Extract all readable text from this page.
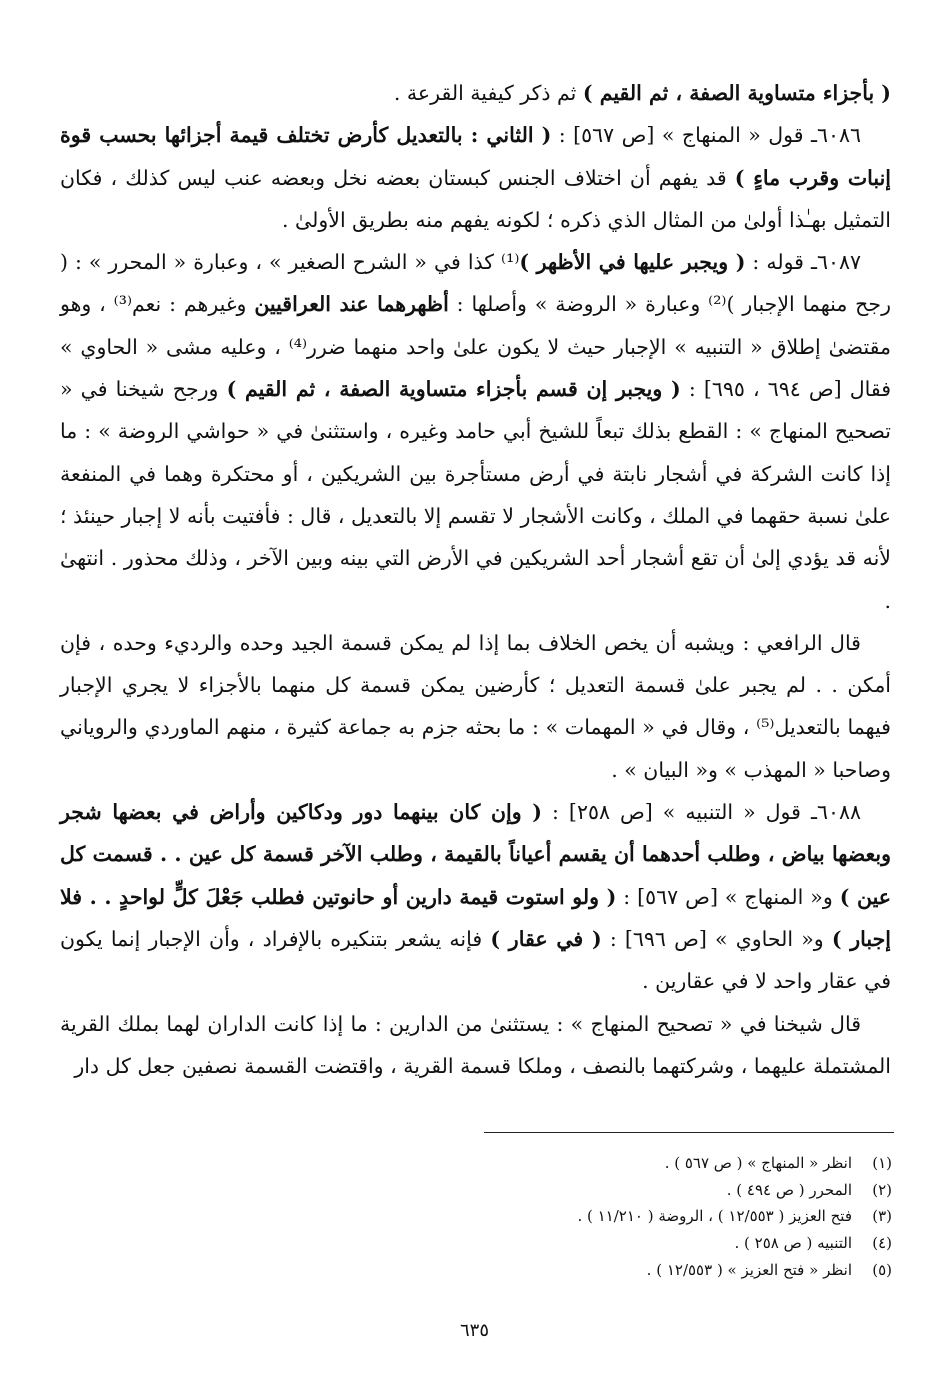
( بأجزاء متساوية الصفة ، ثم القيم ) ثم ذكر كيفية القرعة .

٦٠٨٦ـ قول « المنهاج » [ص ٥٦٧] : ( الثاني : بالتعديل كأرض تختلف قيمة أجزائها بحسب قوة إنبات وقرب ماءٍ ) قد يفهم أن اختلاف الجنس كبستان بعضه نخل وبعضه عنب ليس كذلك ، فكان التمثيل بهـٰذا أولىٰ من المثال الذي ذكره ؛ لكونه يفهم منه بطريق الأولىٰ .

٦٠٨٧ـ قوله : ( ويجبر عليها في الأظهر )⁽¹⁾ كذا في « الشرح الصغير » ، وعبارة « المحرر » : ( رجح منهما الإجبار )⁽²⁾ وعبارة « الروضة » وأصلها : أظهرهما عند العراقيين وغيرهم : نعم⁽³⁾ ، وهو مقتضىٰ إطلاق « التنبيه » الإجبار حيث لا يكون علىٰ واحد منهما ضرر⁽⁴⁾ ، وعليه مشى « الحاوي » فقال [ص ٦٩٤ ، ٦٩٥] : ( ويجبر إن قسم بأجزاء متساوية الصفة ، ثم القيم ) ورجح شيخنا في « تصحيح المنهاج » : القطع بذلك تبعاً للشيخ أبي حامد وغيره ، واستثنىٰ في « حواشي الروضة » : ما إذا كانت الشركة في أشجار نابتة في أرض مستأجرة بين الشريكين ، أو محتكرة وهما في المنفعة علىٰ نسبة حقهما في الملك ، وكانت الأشجار لا تقسم إلا بالتعديل ، قال : فأفتيت بأنه لا إجبار حينئذ ؛ لأنه قد يؤدي إلىٰ أن تقع أشجار أحد الشريكين في الأرض التي بينه وبين الآخر ، وذلك محذور . انتهىٰ .

قال الرافعي : ويشبه أن يخص الخلاف بما إذا لم يمكن قسمة الجيد وحده والرديء وحده ، فإن أمكن . . لم يجبر علىٰ قسمة التعديل ؛ كأرضين يمكن قسمة كل منهما بالأجزاء لا يجري الإجبار فيهما بالتعديل⁽⁵⁾ ، وقال في « المهمات » : ما بحثه جزم به جماعة كثيرة ، منهم الماوردي والروياني وصاحبا « المهذب » و« البيان » .

٦٠٨٨ـ قول « التنبيه » [ص ٢٥٨] : ( وإن كان بينهما دور ودكاكين وأراض في بعضها شجر وبعضها بياض ، وطلب أحدهما أن يقسم أعياناً بالقيمة ، وطلب الآخر قسمة كل عين . . قسمت كل عين ) و« المنهاج » [ص ٥٦٧] : ( ولو استوت قيمة دارين أو حانوتين فطلب جَعْلَ كلٍّ لواحدٍ . . فلا إجبار ) و« الحاوي » [ص ٦٩٦] : ( في عقار ) فإنه يشعر بتنكيره بالإفراد ، وأن الإجبار إنما يكون في عقار واحد لا في عقارين .

قال شيخنا في « تصحيح المنهاج » : يستثنىٰ من الدارين : ما إذا كانت الداران لهما بملك القرية المشتملة عليهما ، وشركتهما بالنصف ، وملكا قسمة القرية ، واقتضت القسمة نصفين جعل كل دار

(١)انظر « المنهاج » ( ص ٥٦٧ ) .
(٢)المحرر ( ص ٤٩٤ ) .
(٣)فتح العزيز ( ١٢/٥٥٣ ) ، الروضة ( ١١/٢١٠ ) .
(٤)التنبيه ( ص ٢٥٨ ) .
(٥)انظر « فتح العزيز » ( ١٢/٥٥٣ ) .
٦٣٥
